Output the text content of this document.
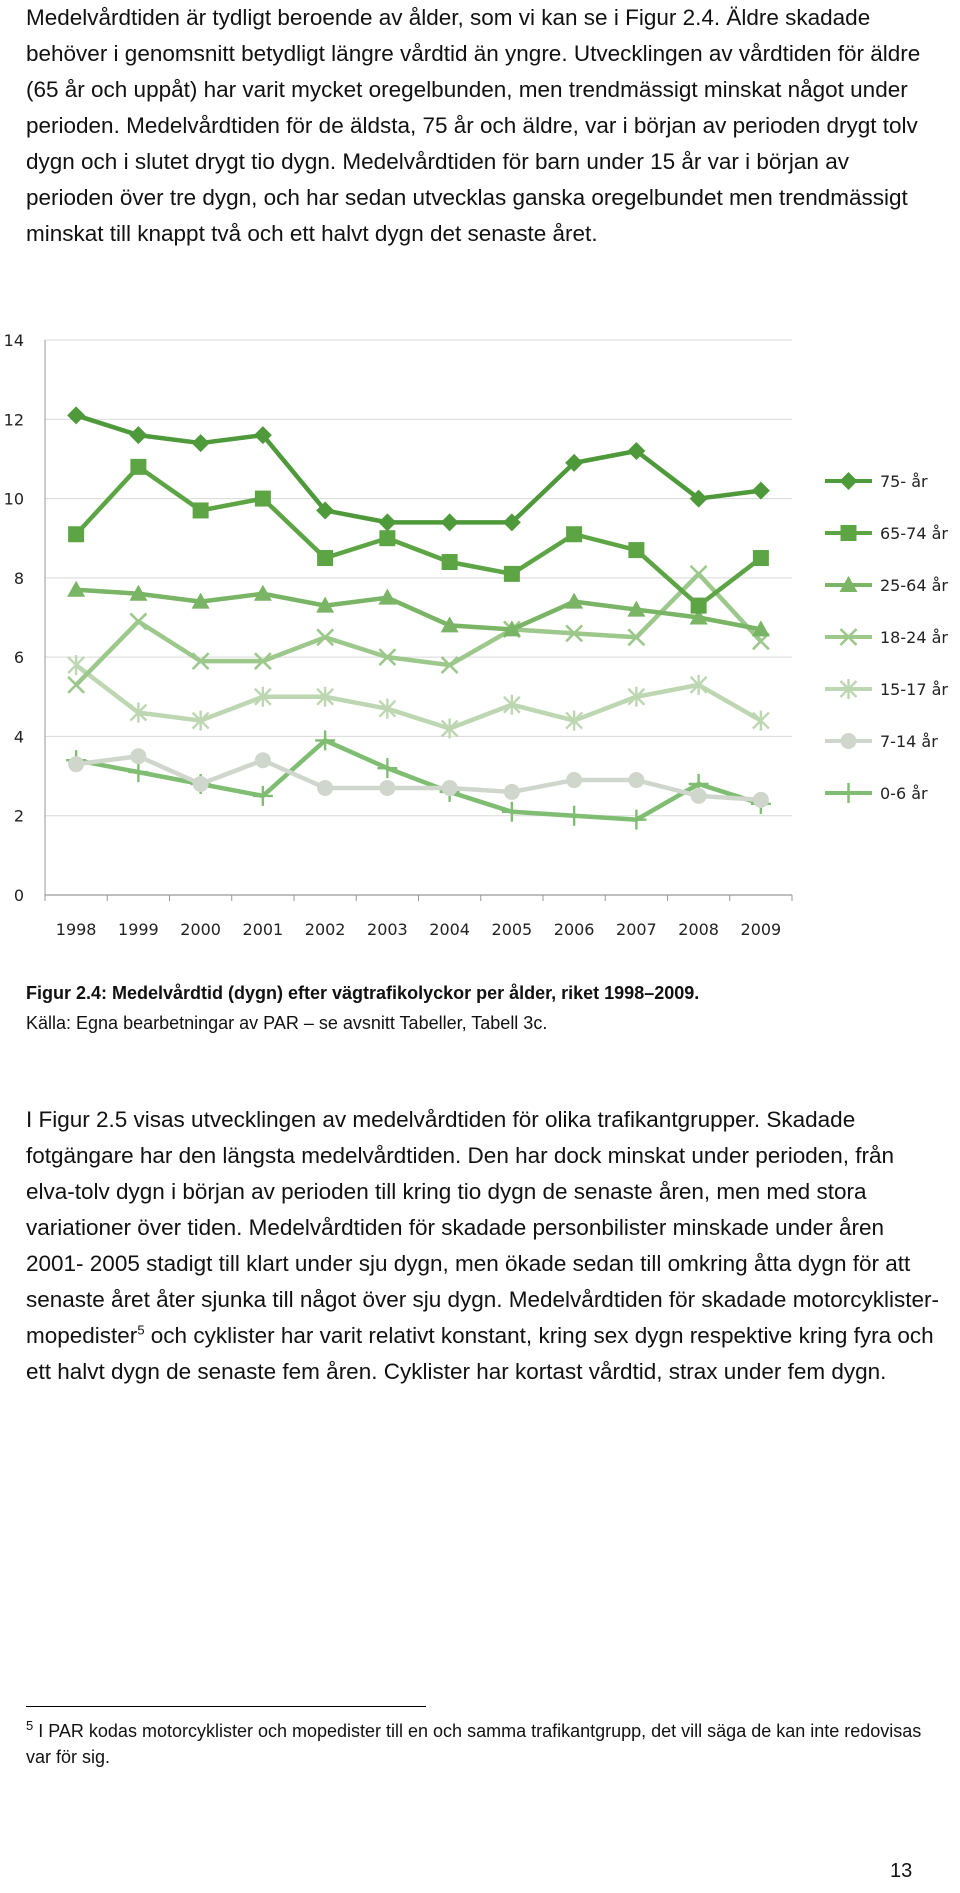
Medelvårdtiden är tydligt beroende av ålder, som vi kan se i Figur 2.4. Äldre skadade behöver i genomsnitt betydligt längre vårdtid än yngre. Utvecklingen av vårdtiden för äldre (65 år och uppåt) har varit mycket oregelbunden, men trendmässigt minskat något under perioden. Medelvårdtiden för de äldsta, 75 år och äldre, var i början av perioden drygt tolv dygn och i slutet drygt tio dygn. Medelvårdtiden för barn under 15 år var i början av perioden över tre dygn, och har sedan utvecklas ganska oregelbundet men trendmässigt minskat till knappt två och ett halvt dygn det senaste året.

0
2
4
6
8
10
12
14
1998 1999 2000 2001 2002 2003 2004 2005 2006 2007 2008 2009
75- år
65-74 år
25-64 år
18-24 år
15-17 år
7-14 år
0-6 år

Figur 2.4: Medelvårdtid (dygn) efter vägtrafikolyckor per ålder, riket 1998–2009.

Källa: Egna bearbetningar av PAR – se avsnitt Tabeller, Tabell 3c.

I Figur 2.5 visas utvecklingen av medelvårdtiden för olika trafikantgrupper. Skadade fotgängare har den längsta medelvårdtiden. Den har dock minskat under perioden, från elva-tolv dygn i början av perioden till kring tio dygn de senaste åren, men med stora variationer över tiden. Medelvårdtiden för skadade personbilister minskade under åren 2001- 2005 stadigt till klart under sju dygn, men ökade sedan till omkring åtta dygn för att senaste året åter sjunka till något över sju dygn. Medelvårdtiden för skadade motorcyklister-mopedister$^5$ och cyklister har varit relativt konstant, kring sex dygn respektive kring fyra och ett halvt dygn de senaste fem åren. Cyklister har kortast vårdtid, strax under fem dygn.

$^5$ I PAR kodas motorcyklister och mopedister till en och samma trafikantgrupp, det vill säga de kan inte redovisas var för sig.

13
